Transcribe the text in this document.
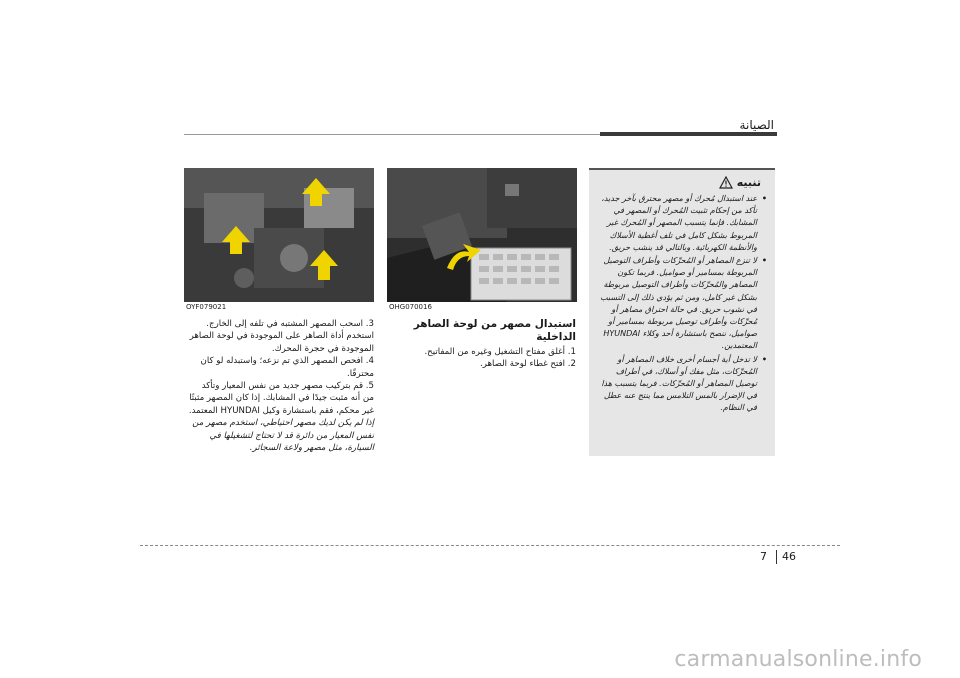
الصيانة
OYF079021	OHG070016

3. اسحب المصهر المشتبه في تلفه إلى الخارج. استخدم أداة الصاهر على الموجودة في لوحة الصاهر الموجودة في حجرة المحرك.

4. افحص المصهر الذي تم نزعه؛ واستبدله لو كان محترقًا.

5. قم بتركيب مصهر جديد من نفس المعيار وتأكد من أنه مثبت جيدًا في المشابك. إذا كان المصهر مثبتًا غير محكم، فقم باستشارة وكيل HYUNDAI المعتمد.

إذا لم يكن لديك مصهر احتياطي، استخدم مصهر من نفس المعيار من دائرة قد لا تحتاج لتشغيلها في السيارة، مثل مصهر ولاعة السجائر.

استبدال مصهر من لوحة الصاهر الداخلية

1. أغلق مفتاح التشغيل وغيره من المفاتيح.

2. افتح غطاء لوحة الصاهر.

تنبيه
• عند استبدال مُحرك أو مصهر محترق بآخر جديد، تأكد من إحكام تثبيت المُحرك أو المصهر في المشابك. فإنما يتسبب المصهر أو المُحرك غير المربوط بشكل كامل في تلف أغطية الأسلاك والأنظمة الكهربائية. وبالتالي قد ينشب حريق.
• لا تنزع المصاهر أو المُحرِّكات وأطراف التوصيل المربوطة بمسامير أو صواميل. فربما تكون المصاهر والمُحرِّكات وأطراف التوصيل مربوطة بشكل غير كامل، ومن ثم يؤدي ذلك إلى التسبب في نشوب حريق. في حالة احتراق مصاهر أو مُحرِّكات وأطراف توصيل مربوطة بمسامير أو صواميل، ننصح باستشارة أحد وكلاء HYUNDAI المعتمدين.
• لا تدخل أية أجسام أخرى خلاف المصاهر أو المُحرِّكات، مثل مفك أو أسلاك، في أطراف توصيل المصاهر أو المُحرِّكات. فربما يتسبب هذا في الإضرار بالمس التلامس مما ينتج عنه عطل في النظام.
7 46
carmanualsonline.info
